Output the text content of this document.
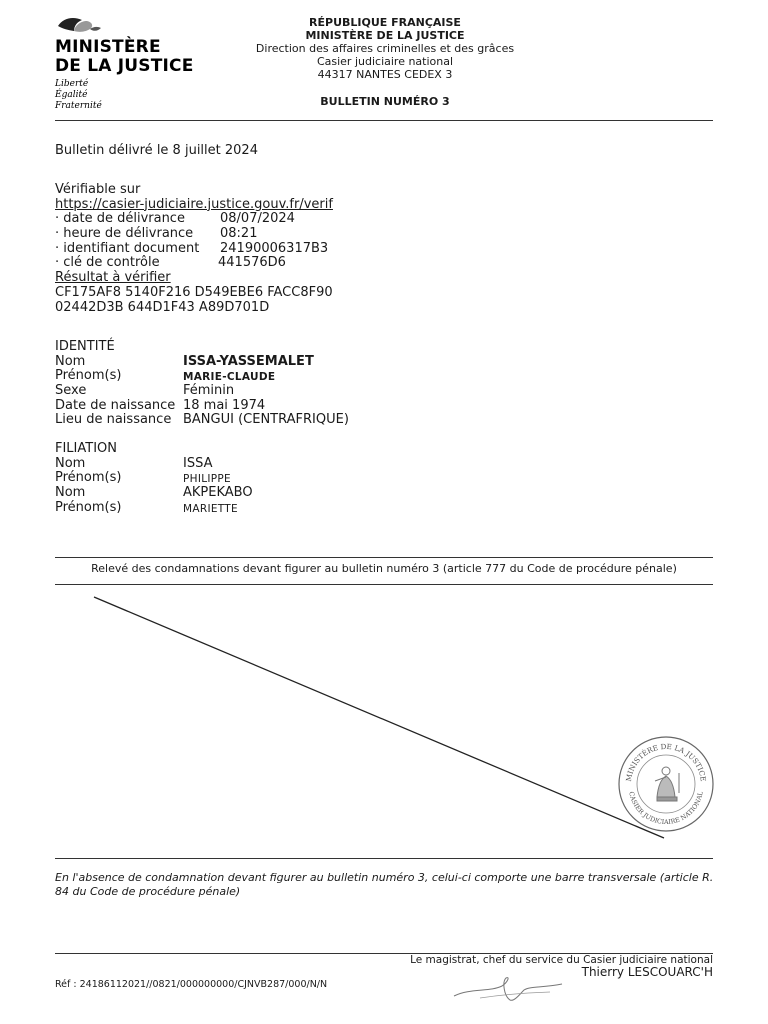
MINISTÈRE
DE LA JUSTICE
Liberté
Égalité
Fraternité
RÉPUBLIQUE FRANÇAISE
MINISTÈRE DE LA JUSTICE
Direction des affaires criminelles et des grâces
Casier judiciaire national
44317 NANTES CEDEX 3
BULLETIN NUMÉRO 3
Bulletin délivré le 8 juillet 2024
Vérifiable sur
https://casier-judiciaire.justice.gouv.fr/verif
· date de délivrance	08/07/2024
· heure de délivrance 08:21
· identifiant document 24190006317B3
· clé de contrôle	441576D6
Résultat à vérifier
CF175AF8 5140F216 D549EBE6 FACC8F90
02442D3B 644D1F43 A89D701D
IDENTITÉ
Nom	ISSA-YASSEMALET
Prénom(s)	MARIE-CLAUDE
Sexe	Féminin
Date de naissance 18 mai 1974
Lieu de naissance BANGUI (CENTRAFRIQUE)
FILIATION
Nom	ISSA
Prénom(s)	PHILIPPE
Nom	AKPEKABO
Prénom(s)	MARIETTE
Relevé des condamnations devant figurer au bulletin numéro 3 (article 777 du Code de procédure pénale)
MINISTÈRE DE LA JUSTICE
CASIER JUDICIAIRE NATIONAL
En l'absence de condamnation devant figurer au bulletin numéro 3, celui-ci comporte une barre transversale (article R. 84 du Code de procédure pénale)
Le magistrat, chef du service du Casier judiciaire national
Thierry LESCOUARC'H
Réf : 24186112021//0821/000000000/CJNVB287/000/N/N
